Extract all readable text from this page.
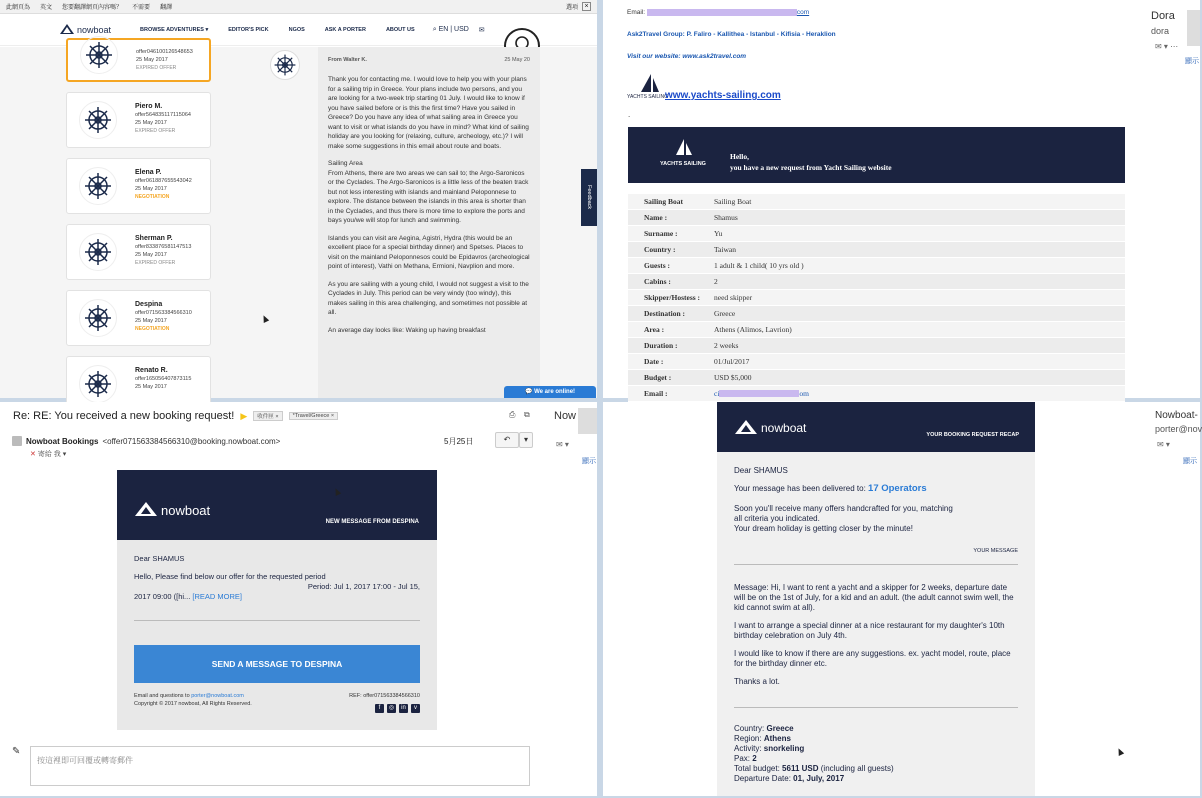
此網頁為 英文 您要翻譯網頁內容嗎？ 不需要 翻譯	選項 ×
nowboat	BROWSE ADVENTURES ▾	EDITOR'S PICK	NGOS	ASK A PORTER	ABOUT US	⌕ EN | USD ✉
offer046100126548653
25 May 2017
EXPIRED OFFER
Piero M.
offer564835117115064
25 May 2017
EXPIRED OFFER
Elena P.
offer061887655543042
25 May 2017
NEGOTIATION
Sherman P.
offer833876581147513
25 May 2017
EXPIRED OFFER
Despina
offer071563384566310
25 May 2017
NEGOTIATION
Renato R.
offer165056407873115
25 May 2017
From Walter K.	25 May 20

Thank you for contacting me. I would love to help you with your plans for a sailing trip in Greece. Your plans include two persons, and you are looking for a two-week trip starting 01 July. I would like to know if you have sailed before or is this the first time? Have you sailed in Greece? Do you have any idea of what sailing area in Greece you want to visit or what islands do you have in mind? What kind of sailing holiday are you looking for (relaxing, culture, archeology, etc.)? I will make some suggestions in this email about route and boats.

Sailing Area
From Athens, there are two areas we can sail to; the Argo-Saronicos or the Cyclades. The Argo-Saronicos is a little less of the beaten track but not less interesting with islands and mainland Peloponnese to explore. The distance between the islands in this area is shorter than in the Cyclades, and thus there is more time to explore the ports and bays you/we will stop for lunch and swimming.

Islands you can visit are Aegina, Agistri, Hydra (this would be an excellent place for a special birthday dinner) and Spetses. Places to visit on the mainland Peloponnesos could be Epidavros (archeological point of interest), Vathi on Methana, Ermioni, Navplion and more.

As you are sailing with a young child, I would not suggest a visit to the Cyclades in July. This period can be very windy (too windy), this makes sailing in this area challenging, and sometimes not possible at all.

An average day looks like: Waking up having breakfast

Feedback
💬 We are online!
Email:	com
Ask2Travel Group: P. Faliro - Kallithea - Istanbul - Kifisia - Heraklion
Visit our website: www.ask2travel.com
YACHTS SAILING
www.yachts-sailing.com
.
YACHTS SAILING
Hello,
you have a new request from Yacht Sailing website
Sailing Boat	Sailing Boat
Name :	Shamus
Surname :	Yu
Country :	Taiwan
Guests :	1 adult & 1 child( 10 yrs old )
Cabins :	2
Skipper/Hostess :	need skipper
Destination :	Greece
Area :	Athens (Alimos, Lavrion)
Duration :	2 weeks
Date :	01/Jul/2017
Budget :	USD $5,000
Email :	ci	om
Dora
dora
✉ ▾ ⋯
顯示
Re: RE: You received a new booking request! ▶	收件匣 ×	*Travel/Greece ×	⎙ ⧉
Nowboat Bookings <offer071563384566310@booking.nowboat.com>
✕ 寄給 我 ▾
5月25日	↶	▾
nowboat
NEW MESSAGE FROM DESPINA
Dear SHAMUS
Hello, Please find below our offer for the requested period
Period: Jul 1, 2017 17:00 - Jul 15,
2017 09:00 ([hi... [READ MORE]
SEND A MESSAGE TO DESPINA
Email and questions to porter@nowboat.com
Copyright © 2017 nowboat, All Rights Reserved.
REF: offer071563384566310
f	◎	in	v
✎
按這裡即可回覆或轉寄郵件
Now
✉ ▾
顯示
nowboat	YOUR BOOKING REQUEST RECAP
Dear SHAMUS
Your message has been delivered to: 17 Operators
Soon you'll receive many offers handcrafted for you, matching
all criteria you indicated.
Your dream holiday is getting closer by the minute!
YOUR MESSAGE
Message: Hi, I want to rent a yacht and a skipper for 2 weeks, departure date will be on the 1st of July, for a kid and an adult. (the adult cannot swim well, the kid cannot swim at all).
I want to arrange a special dinner at a nice restaurant for my daughter's 10th birthday celebration on July 4th.
I would like to know if there are any suggestions. ex. yacht model, route, place for the birthday dinner etc.
Thanks a lot.
Country: Greece
Region: Athens
Activity: snorkeling
Pax: 2
Total budget: 5611 USD (including all guests)
Departure Date: 01, July, 2017
Nowboat-
porter@nov
✉ ▾
顯示
